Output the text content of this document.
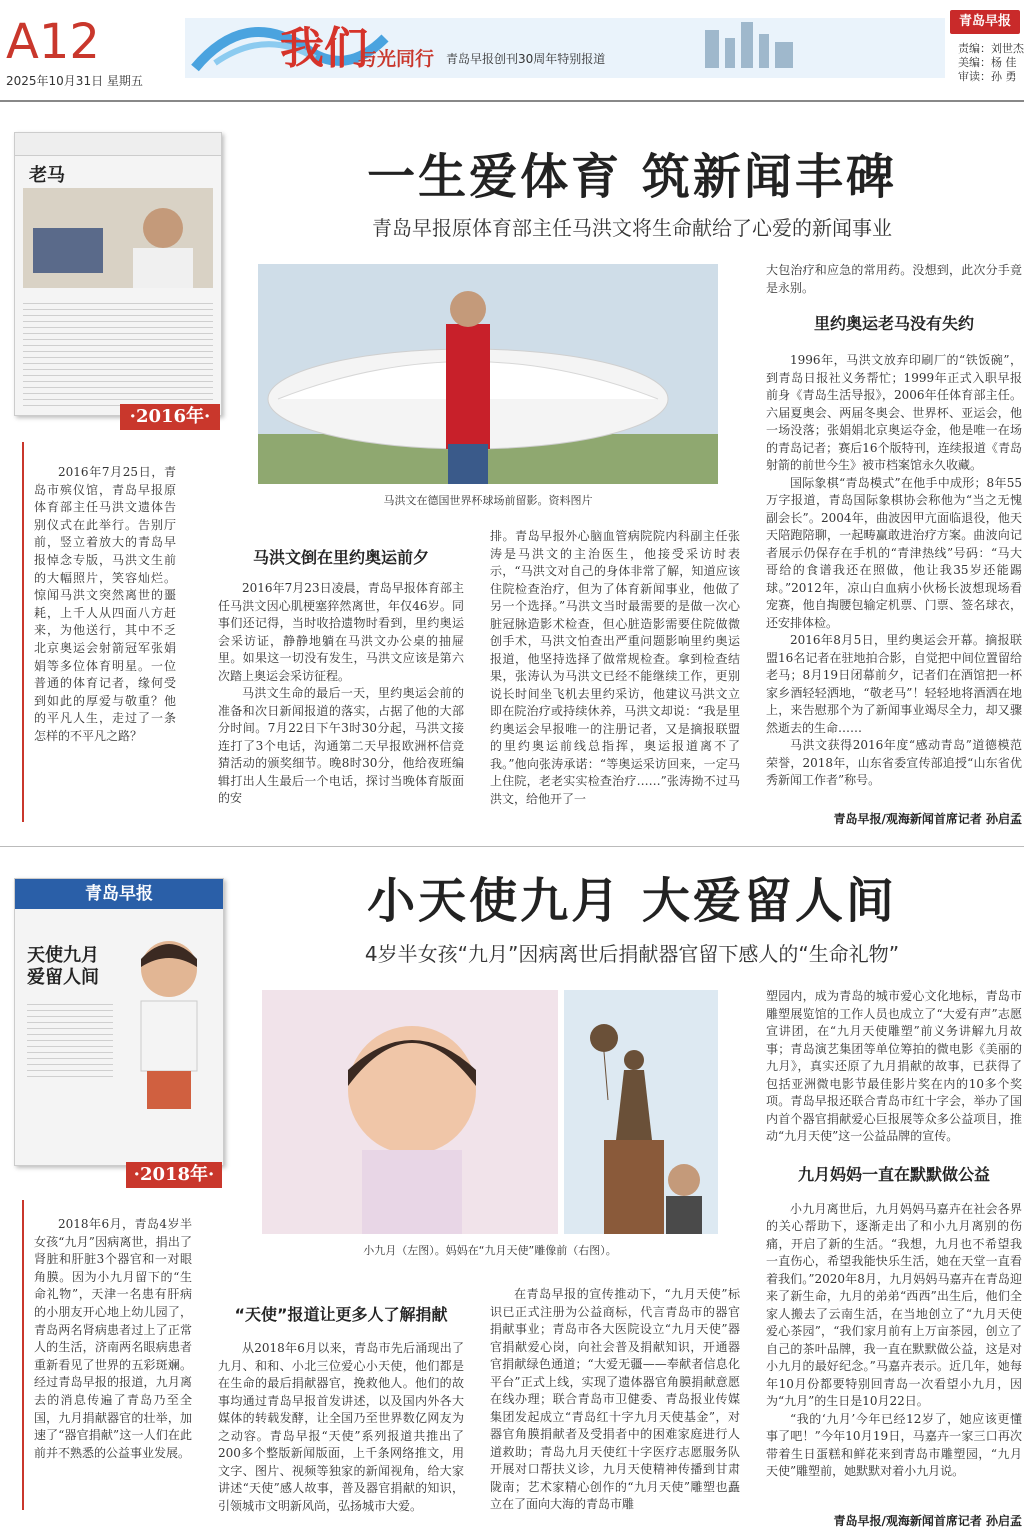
A12
2025年10月31日 星期五
我们
与光同行 青岛早报创刊30周年特别报道
青岛早报
责编：刘世杰
美编：杨 佳
审读：孙 勇
老马
·2016年·
2016年7月25日，青岛市殡仪馆，青岛早报原体育部主任马洪文遗体告别仪式在此举行。告别厅前，竖立着放大的青岛早报悼念专版，马洪文生前的大幅照片，笑容灿烂。惊闻马洪文突然离世的噩耗，上千人从四面八方赶来，为他送行，其中不乏北京奥运会射箭冠军张娟娟等多位体育明星。一位普通的体育记者，缘何受到如此的厚爱与敬重？他的平凡人生，走过了一条怎样的不平凡之路？
一生爱体育 筑新闻丰碑
青岛早报原体育部主任马洪文将生命献给了心爱的新闻事业
马洪文在德国世界杯球场前留影。资料图片
马洪文倒在里约奥运前夕

2016年7月23日凌晨，青岛早报体育部主任马洪文因心肌梗塞猝然离世，年仅46岁。同事们还记得，当时收拾遗物时看到，里约奥运会采访证，静静地躺在马洪文办公桌的抽屉里。如果这一切没有发生，马洪文应该是第六次踏上奥运会采访征程。

马洪文生命的最后一天，里约奥运会前的准备和次日新闻报道的落实，占据了他的大部分时间。7月22日下午3时30分起，马洪文接连打了3个电话，沟通第二天早报欧洲杯信竞猜活动的颁奖细节。晚8时30分，他给夜班编辑打出人生最后一个电话，探讨当晚体育版面的安

排。青岛早报外心脑血管病院院内科副主任张涛是马洪文的主治医生，他接受采访时表示，“马洪文对自己的身体非常了解，知道应该住院检查治疗，但为了体育新闻事业，他做了另一个选择。”马洪文当时最需要的是做一次心脏冠脉造影术检查，但心脏造影需要住院做微创手术，马洪文怕查出严重问题影响里约奥运报道，他坚持选择了做常规检查。拿到检查结果，张涛认为马洪文已经不能继续工作，更别说长时间坐飞机去里约采访，他建议马洪文立即在院治疗或持续休养，马洪文却说：“我是里约奥运会早报唯一的注册记者，又是摘报联盟的里约奥运前线总指挥，奥运报道离不了我。”他向张涛承诺：“等奥运采访回来，一定马上住院，老老实实检查治疗……”张涛拗不过马洪文，给他开了一

大包治疗和应急的常用药。没想到，此次分手竟是永别。

里约奥运老马没有失约

1996年，马洪文放弃印刷厂的“铁饭碗”，到青岛日报社义务帮忙；1999年正式入职早报前身《青岛生活导报》，2006年任体育部主任。六届夏奥会、两届冬奥会、世界杯、亚运会，他一场没落；张娟娟北京奥运夺金，他是唯一在场的青岛记者；赛后16个版特刊，连续报道《青岛射箭的前世今生》被市档案馆永久收藏。

国际象棋“青岛模式”在他手中成形；8年55万字报道，青岛国际象棋协会称他为“当之无愧副会长”。2004年，曲波因甲亢面临退役，他天天陪跑陪聊，一起畴赢敢进治疗方案。曲波向记者展示仍保存在手机的“青津热线”号码：“马大哥给的食谱我还在照做，他让我35岁还能踢球。”2012年，凉山白血病小伙杨长波想现场看宠赛，他自掏腰包输定机票、门票、签名球衣，还安排体检。

2016年8月5日，里约奥运会开幕。摘报联盟16名记者在驻地拍合影，自觉把中间位置留给老马；8月19日闭幕前夕，记者们在酒馆把一杯家乡酒轻轻洒地，“敬老马”！轻轻地将酒洒在地上，来告慰那个为了新闻事业竭尽全力，却又骤然逝去的生命……

马洪文获得2016年度“感动青岛”道德模范荣誉，2018年，山东省委宣传部追授“山东省优秀新闻工作者”称号。

青岛早报/观海新闻首席记者 孙启孟
青岛早报
天使九月 爱留人间
·2018年·
2018年6月，青岛4岁半女孩“九月”因病离世，捐出了肾脏和肝脏3个器官和一对眼角膜。因为小九月留下的“生命礼物”，天津一名患有肝病的小朋友开心地上幼儿园了，青岛两名肾病患者过上了正常人的生活，济南两名眼病患者重新看见了世界的五彩斑斓。经过青岛早报的报道，九月离去的消息传遍了青岛乃至全国，九月捐献器官的壮举，加速了“器官捐献”这一人们在此前并不熟悉的公益事业发展。
小天使九月 大爱留人间
4岁半女孩“九月”因病离世后捐献器官留下感人的“生命礼物”
小九月（左图）。妈妈在“九月天使”雕像前（右图）。
“天使”报道让更多人了解捐献

从2018年6月以来，青岛市先后涌现出了九月、和和、小北三位爱心小天使，他们都是在生命的最后捐献器官，挽救他人。他们的故事均通过青岛早报首发讲述，以及国内外各大媒体的转载发酵，让全国乃至世界数亿网友为之动容。青岛早报“天使”系列报道共推出了200多个整版新闻版面，上千条网络推文，用文字、图片、视频等独家的新闻视角，给大家讲述“天使”感人故事，普及器官捐献的知识，引领城市文明新风尚，弘扬城市大爱。

在青岛早报的宣传推动下，“九月天使”标识已正式注册为公益商标，代言青岛市的器官捐献事业；青岛市各大医院设立“九月天使”器官捐献爱心岗，向社会普及捐献知识，开通器官捐献绿色通道；“大爱无疆——奉献者信息化平台”正式上线，实现了遗体器官角膜捐献意愿在线办理；联合青岛市卫健委、青岛报业传媒集团发起成立“青岛红十字九月天使基金”，对器官角膜捐献者及受捐者中的困难家庭进行人道救助；青岛九月天使红十字医疗志愿服务队开展对口帮扶义诊，九月天使精神传播到甘肃陇南；艺术家精心创作的“九月天使”雕塑也矗立在了面向大海的青岛市雕

塑园内，成为青岛的城市爱心文化地标，青岛市雕塑展览馆的工作人员也成立了“大爱有声”志愿宣讲团，在“九月天使雕塑”前义务讲解九月故事；青岛演艺集团等单位筹拍的微电影《美丽的九月》，真实还原了九月捐献的故事，已获得了包括亚洲微电影节最佳影片奖在内的10多个奖项。青岛早报还联合青岛市红十字会，举办了国内首个器官捐献爱心巨报展等众多公益项目，推动“九月天使”这一公益品牌的宣传。

九月妈妈一直在默默做公益

小九月离世后，九月妈妈马嘉卉在社会各界的关心帮助下，逐渐走出了和小九月离别的伤痛，开启了新的生活。“我想，九月也不希望我一直伤心，希望我能快乐生活，她在天堂一直看着我们。”2020年8月，九月妈妈马嘉卉在青岛迎来了新生命，九月的弟弟“西西”出生后，他们全家人搬去了云南生活，在当地创立了“九月天使爱心茶园”，“我们家月前有上万亩茶园，创立了自己的茶叶品牌，我一直在默默做公益，这是对小九月的最好纪念。”马嘉卉表示。近几年，她每年10月份都要特别回青岛一次看望小九月，因为“九月”的生日是10月22日。

“我的‘九月’今年已经12岁了，她应该更懂事了吧！”今年10月19日，马嘉卉一家三口再次带着生日蛋糕和鲜花来到青岛市雕塑园，“九月天使”雕塑前，她默默对着小九月说。

青岛早报/观海新闻首席记者 孙启孟
